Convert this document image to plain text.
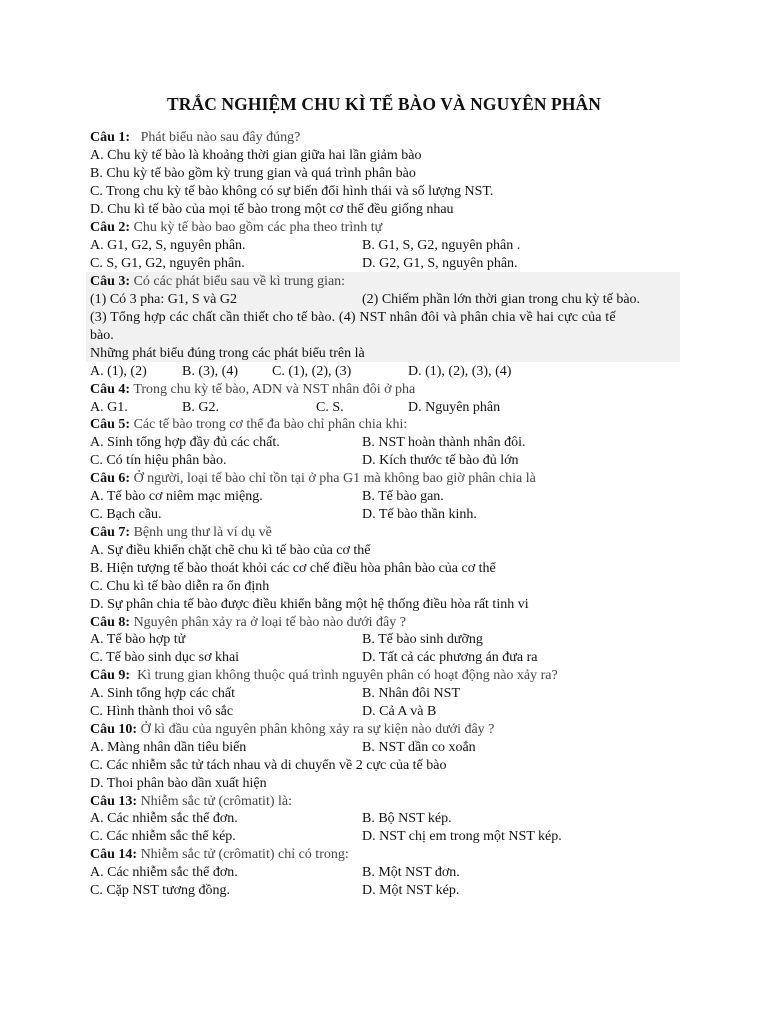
TRẮC NGHIỆM CHU KÌ TẾ BÀO VÀ NGUYÊN PHÂN
Câu 1: Phát biểu nào sau đây đúng?
A. Chu kỳ tế bào là khoảng thời gian giữa hai lần giảm bào
B. Chu kỳ tế bào gồm kỳ trung gian và quá trình phân bào
C. Trong chu kỳ tế bào không có sự biến đổi hình thái và số lượng NST.
D. Chu kì tế bào của mọi tế bào trong một cơ thể đều giống nhau
Câu 2: Chu kỳ tế bào bao gồm các pha theo trình tự
A. G1, G2, S, nguyên phân.	B. G1, S, G2, nguyên phân .
C. S, G1, G2, nguyên phân.	D. G2, G1, S, nguyên phân.
Câu 3: Có các phát biểu sau về kì trung gian:
(1) Có 3 pha: G1, S và G2	(2) Chiếm phần lớn thời gian trong chu kỳ tế bào.
(3) Tổng hợp các chất cần thiết cho tế bào. (4) NST nhân đôi và phân chia về hai cực của tế
bào.
Những phát biểu đúng trong các phát biểu trên là
A. (1), (2)	B. (3), (4) C. (1), (2), (3)	D. (1), (2), (3), (4)
Câu 4: Trong chu kỳ tế bào, ADN và NST nhân đôi ở pha
A. G1.	B. G2.	C. S.	D. Nguyên phân
Câu 5: Các tế bào trong cơ thể đa bào chỉ phân chia khi:
A. Sinh tổng hợp đầy đủ các chất.	B. NST hoàn thành nhân đôi.
C. Có tín hiệu phân bào.	D. Kích thước tế bào đủ lớn
Câu 6: Ở người, loại tế bào chỉ tồn tại ở pha G1 mà không bao giờ phân chia là
A. Tế bào cơ niêm mạc miệng.	B. Tế bào gan.
C. Bạch cầu.	D. Tế bào thần kinh.
Câu 7: Bệnh ung thư là ví dụ về
A. Sự điều khiển chặt chẽ chu kì tế bào của cơ thể
B. Hiện tượng tế bào thoát khỏi các cơ chế điều hòa phân bào của cơ thể
C. Chu kì tế bào diễn ra ổn định
D. Sự phân chia tế bào được điều khiển bằng một hệ thống điều hòa rất tinh vi
Câu 8: Nguyên phân xảy ra ở loại tế bào nào dưới đây ?
A. Tế bào hợp tử	B. Tế bào sinh dưỡng
C. Tế bào sinh dục sơ khai	D. Tất cả các phương án đưa ra
Câu 9: Kì trung gian không thuộc quá trình nguyên phân có hoạt động nào xảy ra?
A. Sinh tổng hợp các chất	B. Nhân đôi NST
C. Hình thành thoi vô sắc	D. Cả A và B
Câu 10: Ở kì đầu của nguyên phân không xảy ra sự kiện nào dưới đây ?
A. Màng nhân dần tiêu biến	B. NST dần co xoắn
C. Các nhiễm sắc tử tách nhau và di chuyển về 2 cực của tế bào
D. Thoi phân bào dần xuất hiện
Câu 13: Nhiễm sắc tử (crômatit) là:
A. Các nhiễm sắc thể đơn.	B. Bộ NST kép.
C. Các nhiễm sắc thể kép.	D. NST chị em trong một NST kép.
Câu 14: Nhiễm sắc tử (crômatit) chỉ có trong:
A. Các nhiễm sắc thể đơn.	B. Một NST đơn.
C. Cặp NST tương đồng.	D. Một NST kép.
